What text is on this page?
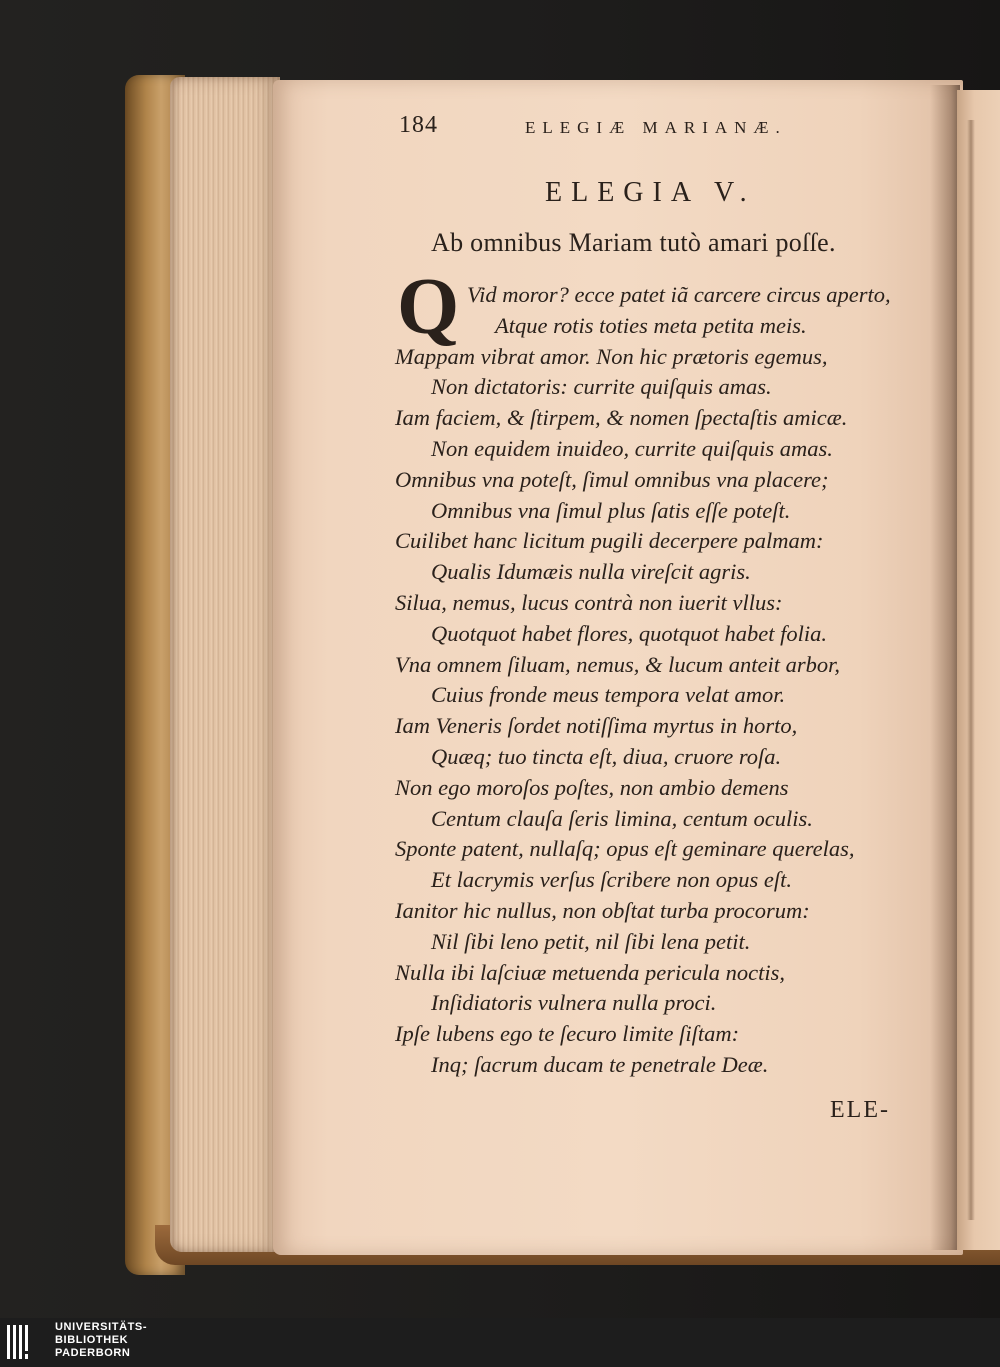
184	ELEGIÆ MARIANÆ.
ELEGIA V.
Ab omnibus Mariam tutò amari poſſe.
Q Vid moror? ecce patet iã carcere circus aperto,
Atque rotis toties meta petita meis.
Mappam vibrat amor. Non hic prætoris egemus,
Non dictatoris: currite quiſquis amas.
Iam faciem, & ſtirpem, & nomen ſpectaſtis amicæ.
Non equidem inuideo, currite quiſquis amas.
Omnibus vna poteſt, ſimul omnibus vna placere;
Omnibus vna ſimul plus ſatis eſſe poteſt.
Cuilibet hanc licitum pugili decerpere palmam:
Qualis Idumæis nulla vireſcit agris.
Silua, nemus, lucus contrà non iuerit vllus:
Quotquot habet flores, quotquot habet folia.
Vna omnem ſiluam, nemus, & lucum anteit arbor,
Cuius fronde meus tempora velat amor.
Iam Veneris ſordet notiſſima myrtus in horto,
Quæq; tuo tincta eſt, diua, cruore roſa.
Non ego moroſos poſtes, non ambio demens
Centum clauſa ſeris limina, centum oculis.
Sponte patent, nullaſq; opus eſt geminare querelas,
Et lacrymis verſus ſcribere non opus eſt.
Ianitor hic nullus, non obſtat turba procorum:
Nil ſibi leno petit, nil ſibi lena petit.
Nulla ibi laſciuæ metuenda pericula noctis,
Inſidiatoris vulnera nulla proci.
Ipſe lubens ego te ſecuro limite ſiſtam:
Inq; ſacrum ducam te penetrale Deæ.
ELE-
UNIVERSITÄTS-
BIBLIOTHEK
PADERBORN
